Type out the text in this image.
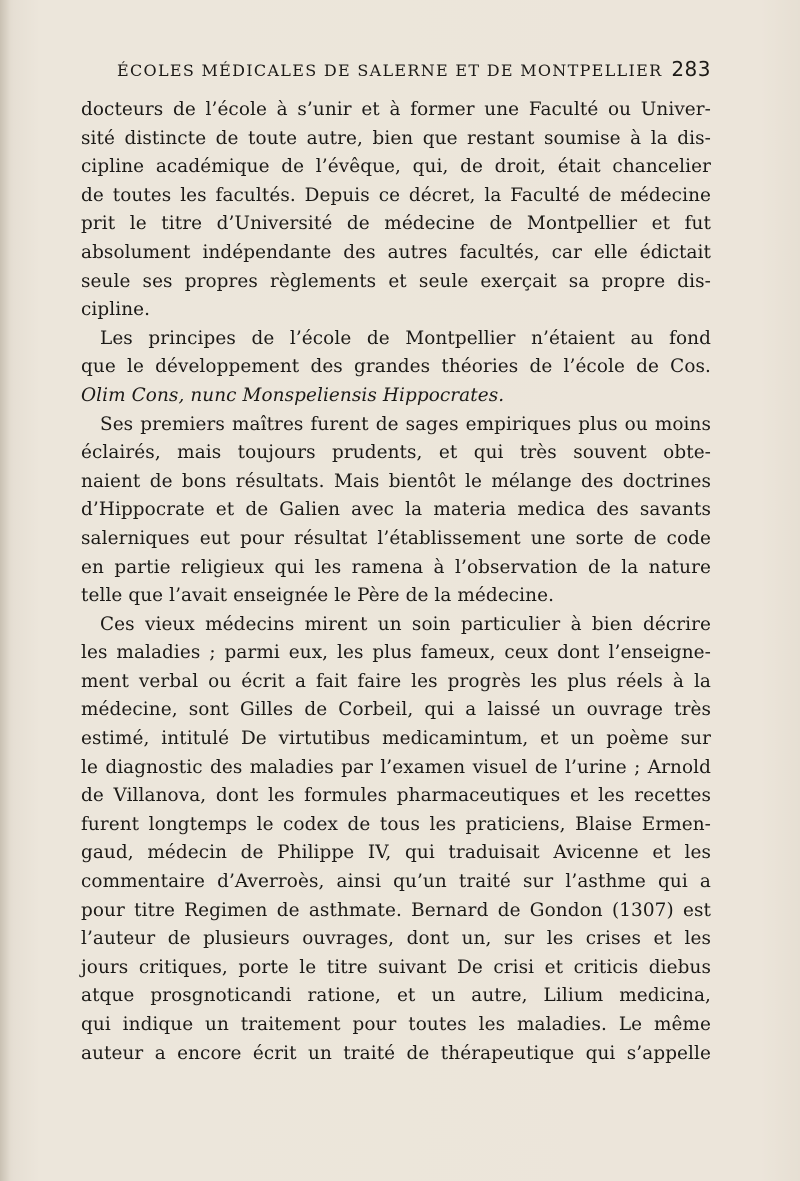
ÉCOLES MÉDICALES DE SALERNE ET DE MONTPELLIER 283
docteurs de l’école à s’unir et à former une Faculté ou Univer-
sité distincte de toute autre, bien que restant soumise à la dis-
cipline académique de l’évêque, qui, de droit, était chancelier
de toutes les facultés. Depuis ce décret, la Faculté de médecine
prit le titre d’Université de médecine de Montpellier et fut
absolument indépendante des autres facultés, car elle édictait
seule ses propres règlements et seule exerçait sa propre dis-
cipline.
Les principes de l’école de Montpellier n’étaient au fond
que le développement des grandes théories de l’école de Cos.
Olim Cons, nunc Monspeliensis Hippocrates.
Ses premiers maîtres furent de sages empiriques plus ou moins
éclairés, mais toujours prudents, et qui très souvent obte-
naient de bons résultats. Mais bientôt le mélange des doctrines
d’Hippocrate et de Galien avec la materia medica des savants
salerniques eut pour résultat l’établissement une sorte de code
en partie religieux qui les ramena à l’observation de la nature
telle que l’avait enseignée le Père de la médecine.
Ces vieux médecins mirent un soin particulier à bien décrire
les maladies ; parmi eux, les plus fameux, ceux dont l’enseigne-
ment verbal ou écrit a fait faire les progrès les plus réels à la
médecine, sont Gilles de Corbeil, qui a laissé un ouvrage très
estimé, intitulé De virtutibus medicamintum, et un poème sur
le diagnostic des maladies par l’examen visuel de l’urine ; Arnold
de Villanova, dont les formules pharmaceutiques et les recettes
furent longtemps le codex de tous les praticiens, Blaise Ermen-
gaud, médecin de Philippe IV, qui traduisait Avicenne et les
commentaire d’Averroès, ainsi qu’un traité sur l’asthme qui a
pour titre Regimen de asthmate. Bernard de Gondon (1307) est
l’auteur de plusieurs ouvrages, dont un, sur les crises et les
jours critiques, porte le titre suivant De crisi et criticis diebus
atque prosgnoticandi ratione, et un autre, Lilium medicina,
qui indique un traitement pour toutes les maladies. Le même
auteur a encore écrit un traité de thérapeutique qui s’appelle
